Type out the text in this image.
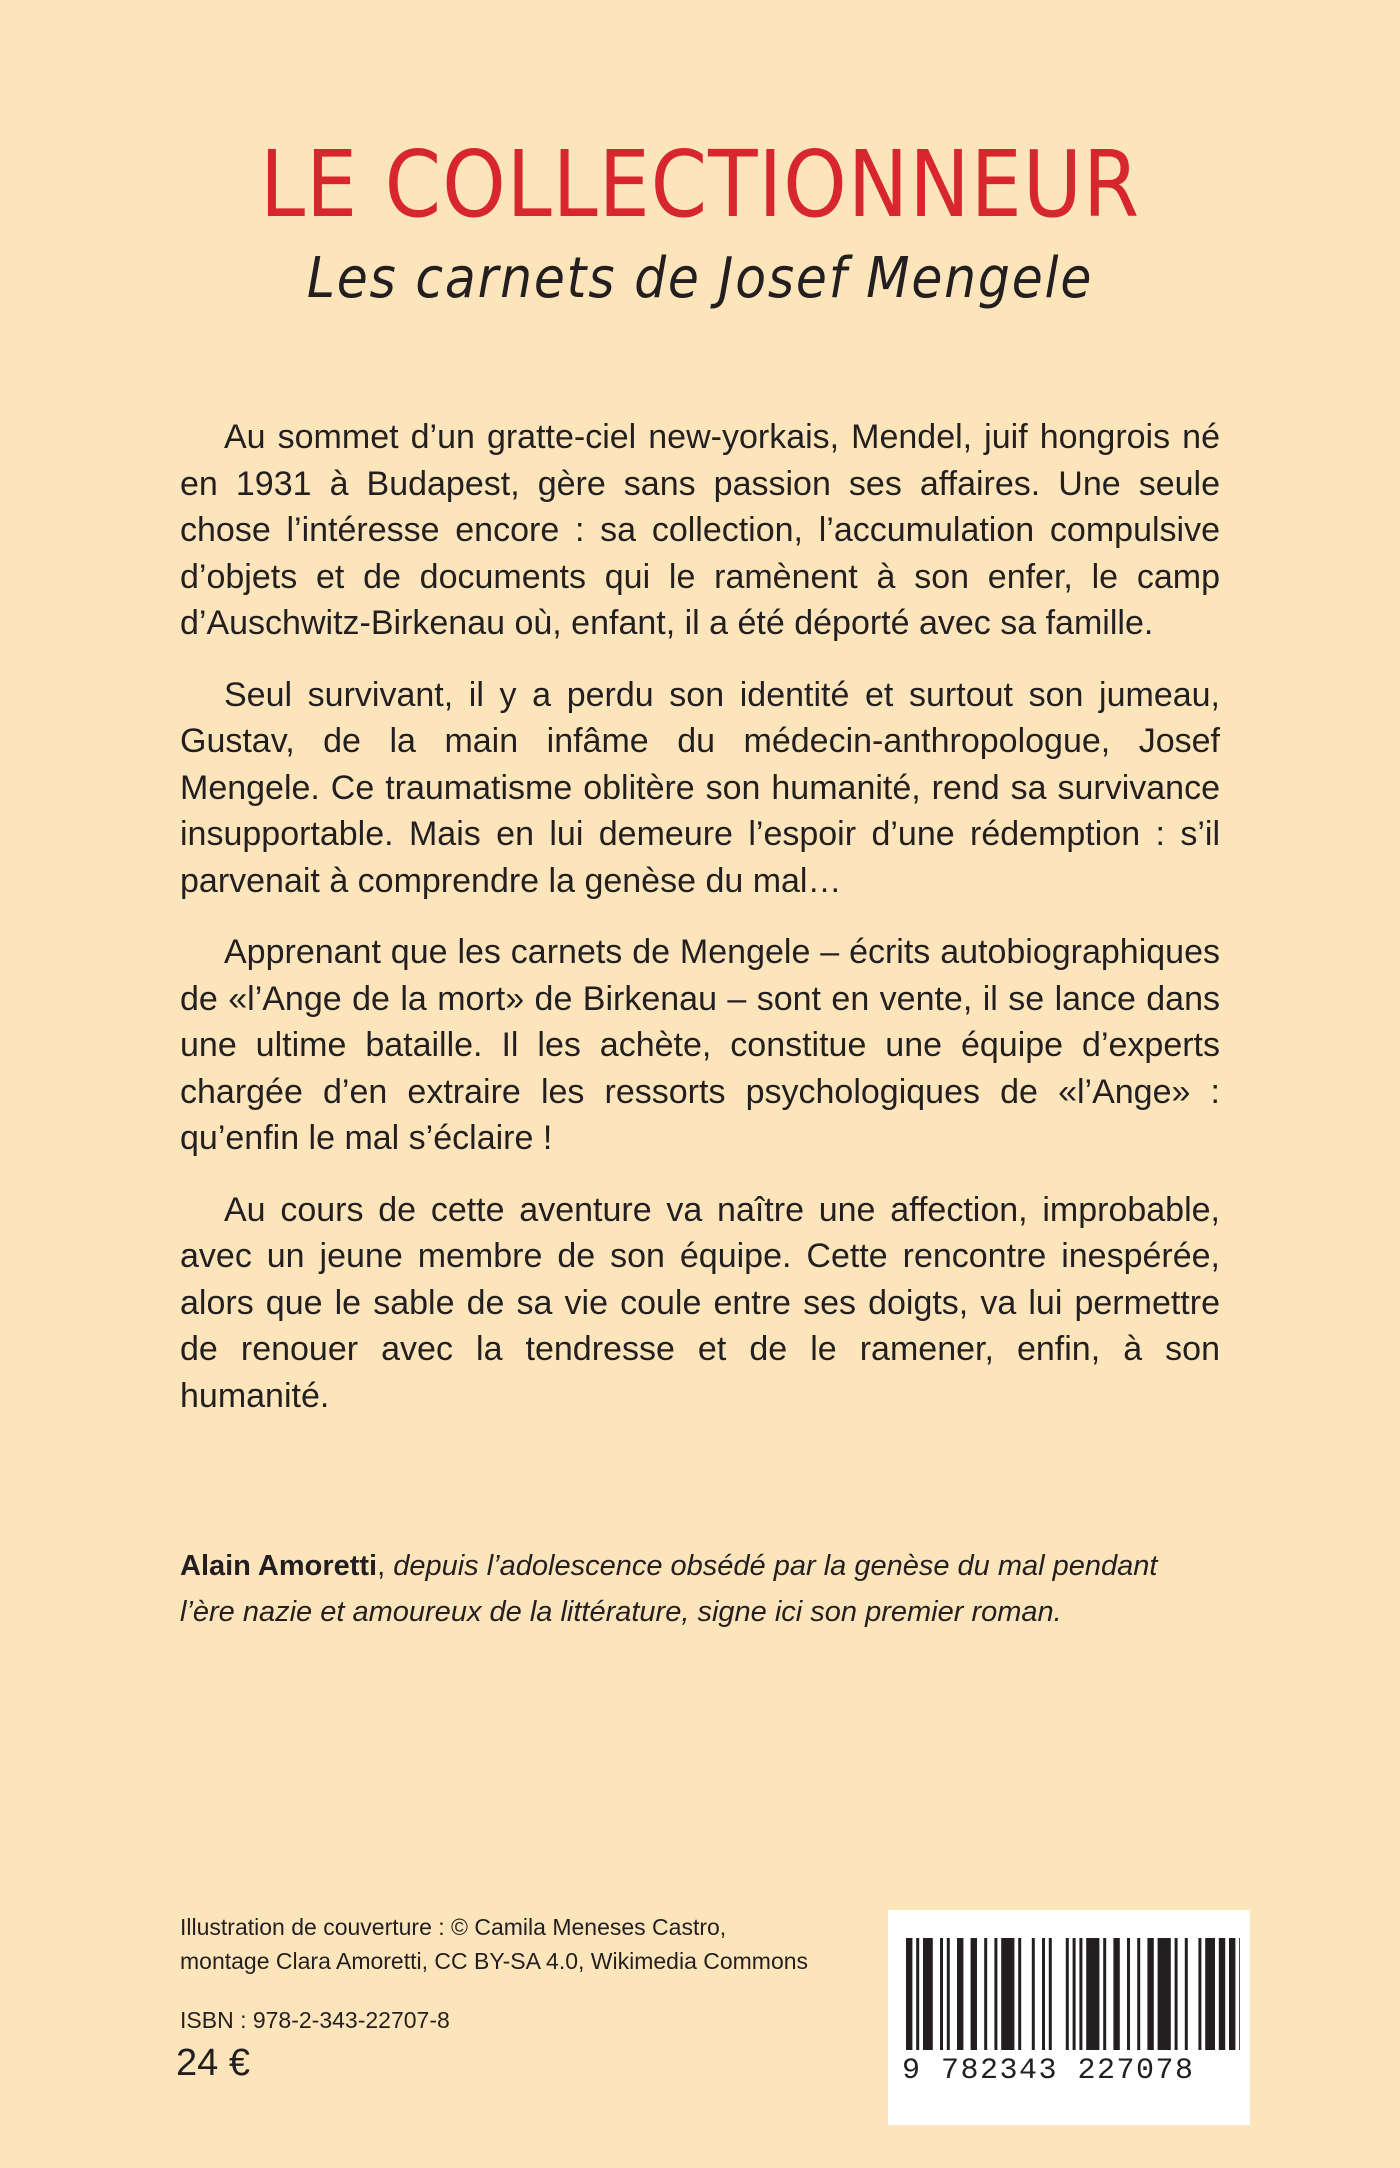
LE COLLECTIONNEUR
Les carnets de Josef Mengele

Au sommet d’un gratte-ciel new-yorkais, Mendel, juif hongrois né en 1931 à Budapest, gère sans passion ses affaires. Une seule chose l’intéresse encore : sa collection, l’accumulation compulsive d’objets et de documents qui le ramènent à son enfer, le camp d’Auschwitz-Birkenau où, enfant, il a été déporté avec sa famille.

Seul survivant, il y a perdu son identité et surtout son jumeau, Gustav, de la main infâme du médecin-anthropologue, Josef Mengele. Ce traumatisme oblitère son humanité, rend sa survivance insupportable. Mais en lui demeure l’espoir d’une rédemption : s’il parvenait à comprendre la genèse du mal…

Apprenant que les carnets de Mengele – écrits autobiographiques de «l’Ange de la mort» de Birkenau – sont en vente, il se lance dans une ultime bataille. Il les achète, constitue une équipe d’experts chargée d’en extraire les ressorts psychologiques de «l’Ange» : qu’enfin le mal s’éclaire !

Au cours de cette aventure va naître une affection, improbable, avec un jeune membre de son équipe. Cette rencontre inespérée, alors que le sable de sa vie coule entre ses doigts, va lui permettre de renouer avec la tendresse et de le ramener, enfin, à son humanité.

Alain Amoretti, depuis l’adolescence obsédé par la genèse du mal pendant l’ère nazie et amoureux de la littérature, signe ici son premier roman.
Illustration de couverture : © Camila Meneses Castro,
montage Clara Amoretti, CC BY-SA 4.0, Wikimedia Commons
ISBN : 978-2-343-22707-8
24 €	9 782343 227078
